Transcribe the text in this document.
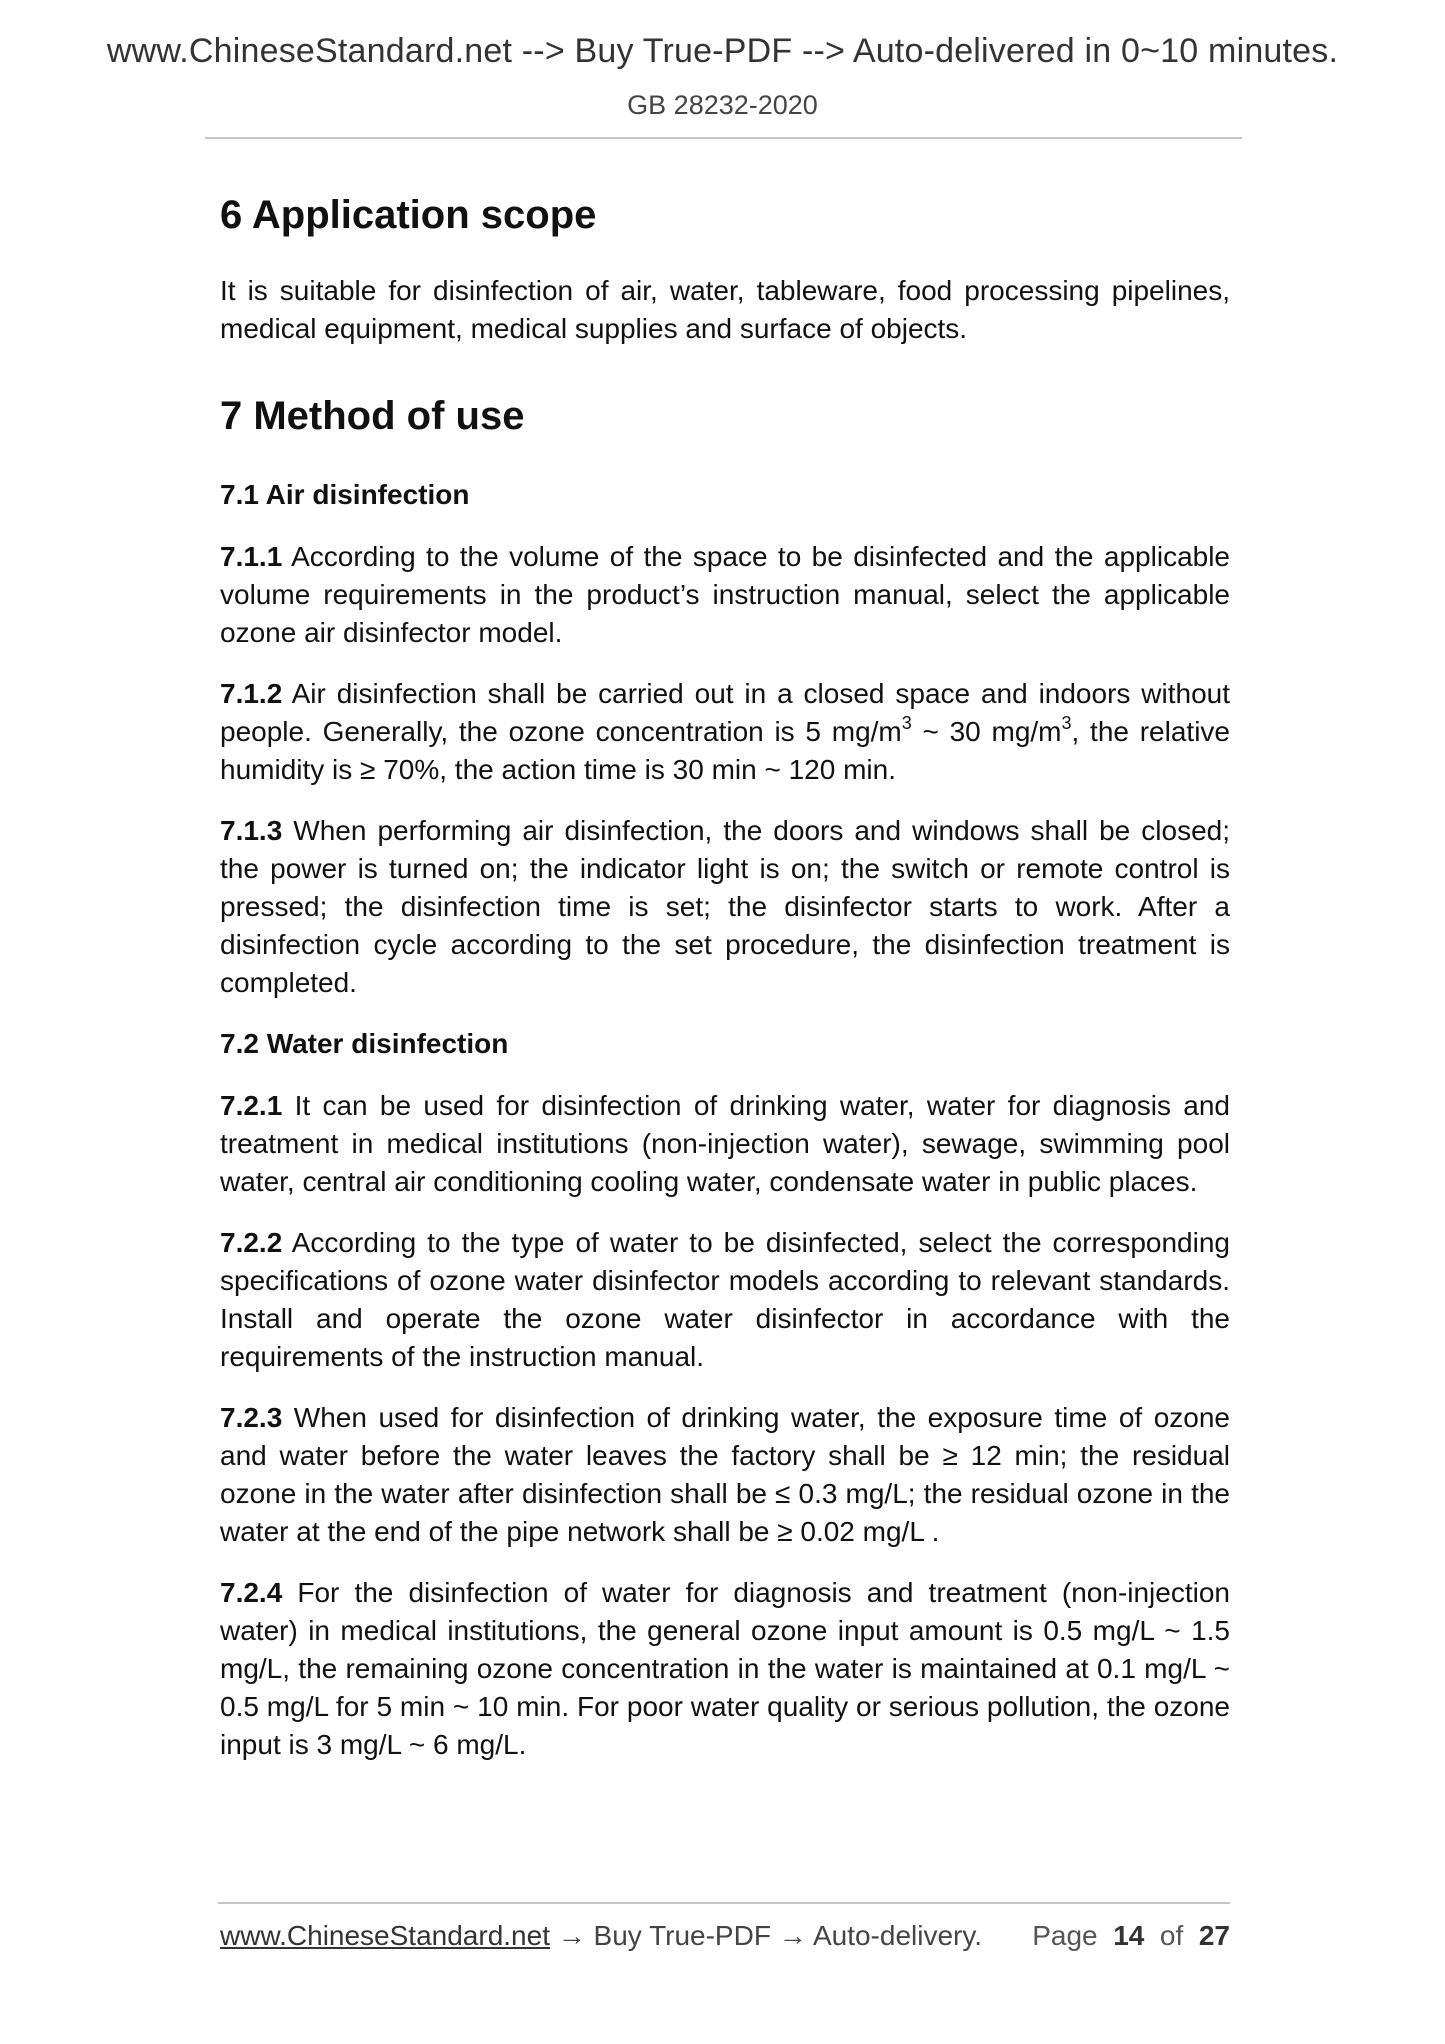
www.ChineseStandard.net --> Buy True-PDF --> Auto-delivered in 0~10 minutes.
GB 28232-2020
6 Application scope

It is suitable for disinfection of air, water, tableware, food processing pipelines, medical equipment, medical supplies and surface of objects.

7 Method of use
7.1 Air disinfection

7.1.1 According to the volume of the space to be disinfected and the applicable volume requirements in the product’s instruction manual, select the applicable ozone air disinfector model.

7.1.2 Air disinfection shall be carried out in a closed space and indoors without people. Generally, the ozone concentration is 5 $mg/m^3$ ~ 30 $mg/m^3$, the relative humidity is ≥ 70%, the action time is 30 min ~ 120 min.

7.1.3 When performing air disinfection, the doors and windows shall be closed; the power is turned on; the indicator light is on; the switch or remote control is pressed; the disinfection time is set; the disinfector starts to work. After a disinfection cycle according to the set procedure, the disinfection treatment is completed.

7.2 Water disinfection

7.2.1 It can be used for disinfection of drinking water, water for diagnosis and treatment in medical institutions (non-injection water), sewage, swimming pool water, central air conditioning cooling water, condensate water in public places.

7.2.2 According to the type of water to be disinfected, select the corresponding specifications of ozone water disinfector models according to relevant standards. Install and operate the ozone water disinfector in accordance with the requirements of the instruction manual.

7.2.3 When used for disinfection of drinking water, the exposure time of ozone and water before the water leaves the factory shall be ≥ 12 min; the residual ozone in the water after disinfection shall be ≤ 0.3 mg/L; the residual ozone in the water at the end of the pipe network shall be ≥ 0.02 mg/L .

7.2.4 For the disinfection of water for diagnosis and treatment (non-injection water) in medical institutions, the general ozone input amount is 0.5 mg/L ~ 1.5 mg/L, the remaining ozone concentration in the water is maintained at 0.1 mg/L ~ 0.5 mg/L for 5 min ~ 10 min. For poor water quality or serious pollution, the ozone input is 3 mg/L ~ 6 mg/L.

www.ChineseStandard.net → Buy True-PDF → Auto-delivery. Page 14 of 27
